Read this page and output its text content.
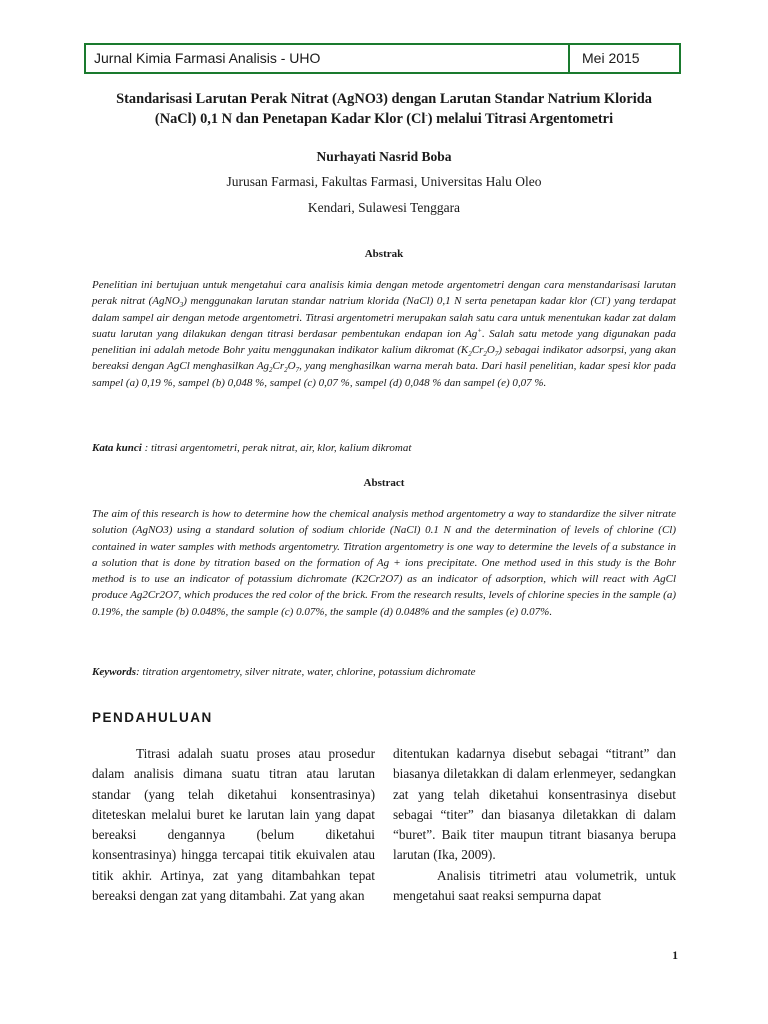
Jurnal Kimia Farmasi Analisis - UHO	Mei 2015
Standarisasi Larutan Perak Nitrat (AgNO3) dengan Larutan Standar Natrium Klorida
(NaCl) 0,1 N dan Penetapan Kadar Klor (Cl-) melalui Titrasi Argentometri
Nurhayati Nasrid Boba
Jurusan Farmasi, Fakultas Farmasi, Universitas Halu Oleo
Kendari, Sulawesi Tenggara
Abstrak
Penelitian ini bertujuan untuk mengetahui cara analisis kimia dengan metode argentometri dengan cara menstandarisasi larutan perak nitrat (AgNO$_3$) menggunakan larutan standar natrium klorida (NaCl) 0,1 N serta penetapan kadar klor (Cl-) yang terdapat dalam sampel air dengan metode argentometri. Titrasi argentometri merupakan salah satu cara untuk menentukan kadar zat dalam suatu larutan yang dilakukan dengan titrasi berdasar pembentukan endapan ion Ag+. Salah satu metode yang digunakan pada penelitian ini adalah metode Bohr yaitu menggunakan indikator kalium dikromat $(K_2Cr_2O_7)$ sebagai indikator adsorpsi, yang akan bereaksi dengan AgCl menghasilkan $Ag_2Cr_2O_7$, yang menghasilkan warna merah bata. Dari hasil penelitian, kadar spesi klor pada sampel (a) 0,19 %, sampel (b) 0,048 %, sampel (c) 0,07 %, sampel (d) 0,048 % dan sampel (e) 0,07 %.
Kata kunci : titrasi argentometri, perak nitrat, air, klor, kalium dikromat
Abstract
The aim of this research is how to determine how the chemical analysis method argentometry a way to standardize the silver nitrate solution (AgNO3) using a standard solution of sodium chloride (NaCl) 0.1 N and the determination of levels of chlorine (Cl) contained in water samples with methods argentometry. Titration argentometry is one way to determine the levels of a substance in a solution that is done by titration based on the formation of Ag + ions precipitate. One method used in this study is the Bohr method is to use an indicator of potassium dichromate (K2Cr2O7) as an indicator of adsorption, which will react with AgCl produce Ag2Cr2O7, which produces the red color of the brick. From the research results, levels of chlorine species in the sample (a) 0.19%, the sample (b) 0.048%, the sample (c) 0.07%, the sample (d) 0.048% and the samples (e) 0.07%.
Keywords: titration argentometry, silver nitrate, water, chlorine, potassium dichromate
PENDAHULUAN

Titrasi adalah suatu proses atau prosedur dalam analisis dimana suatu titran atau larutan standar (yang telah diketahui konsentrasinya) diteteskan melalui buret ke larutan lain yang dapat bereaksi dengannya (belum diketahui konsentrasinya) hingga tercapai titik ekuivalen atau titik akhir. Artinya, zat yang ditambahkan tepat bereaksi dengan zat yang ditambahi. Zat yang akan

ditentukan kadarnya disebut sebagai “titrant” dan biasanya diletakkan di dalam erlenmeyer, sedangkan zat yang telah diketahui konsentrasinya disebut sebagai “titer” dan biasanya diletakkan di dalam “buret”. Baik titer maupun titrant biasanya berupa larutan (Ika, 2009).

Analisis titrimetri atau volumetrik, untuk mengetahui saat reaksi sempurna dapat

1
